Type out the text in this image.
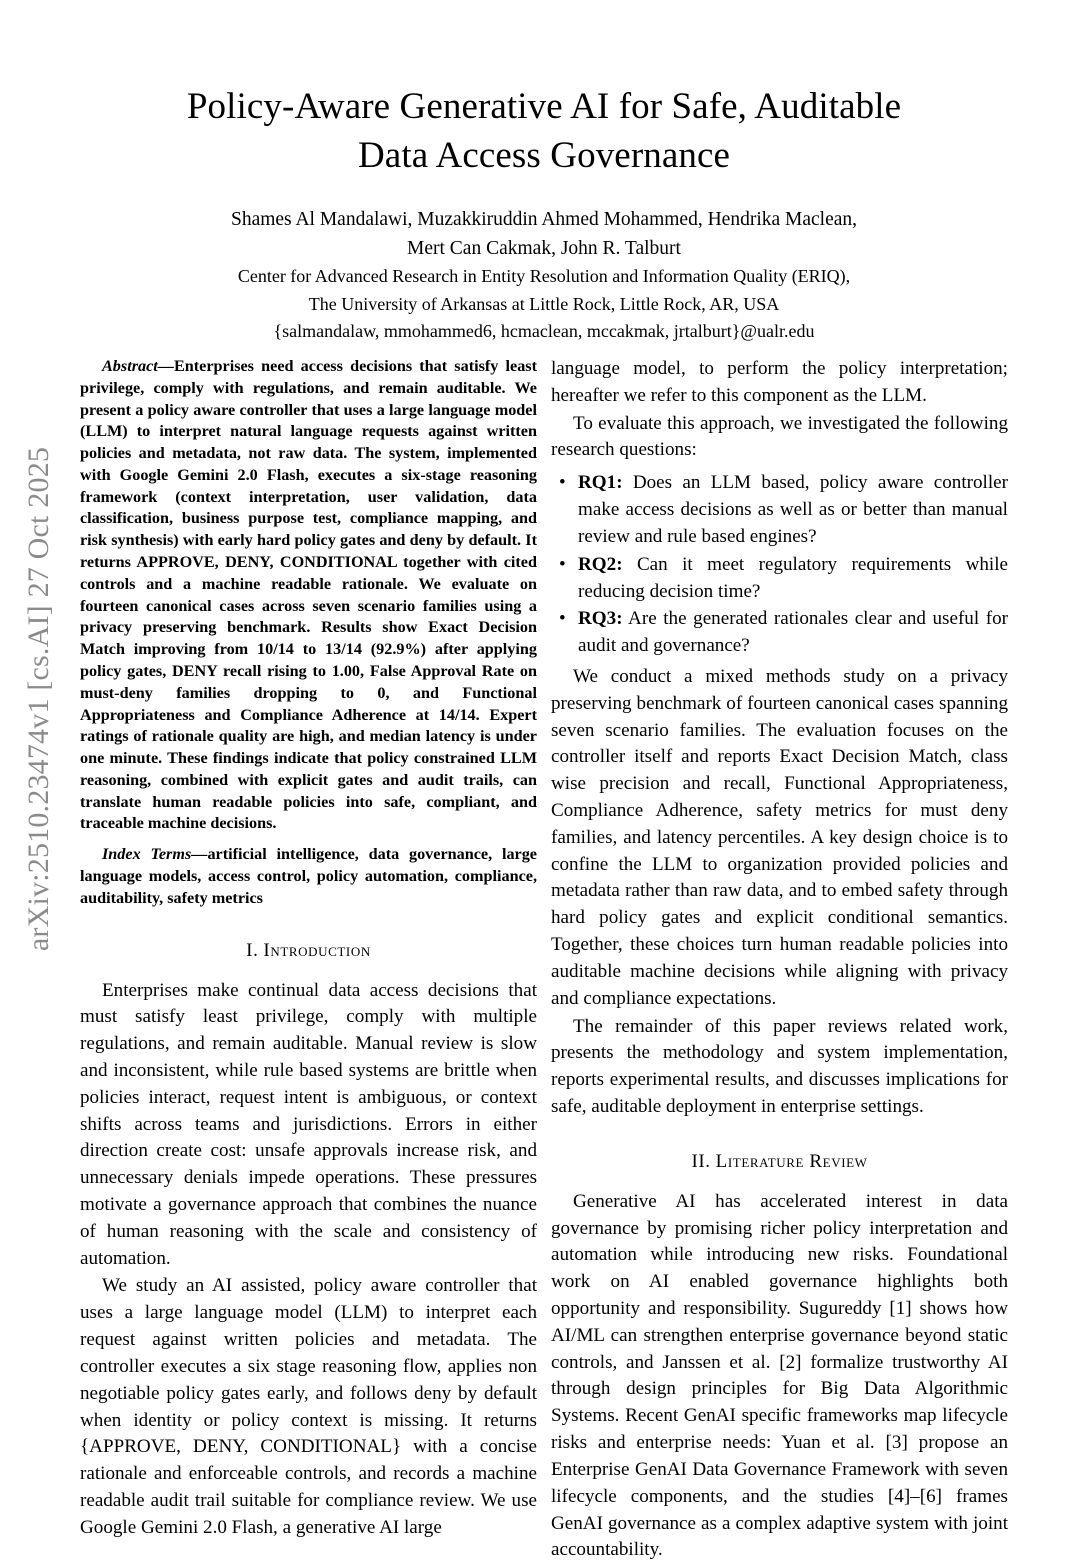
arXiv:2510.23474v1 [cs.AI] 27 Oct 2025
Policy-Aware Generative AI for Safe, Auditable Data Access Governance
Shames Al Mandalawi, Muzakkiruddin Ahmed Mohammed, Hendrika Maclean,
Mert Can Cakmak, John R. Talburt
Center for Advanced Research in Entity Resolution and Information Quality (ERIQ),
The University of Arkansas at Little Rock, Little Rock, AR, USA
{salmandalaw, mmohammed6, hcmaclean, mccakmak, jrtalburt}@ualr.edu

Abstract—Enterprises need access decisions that satisfy least privilege, comply with regulations, and remain auditable. We present a policy aware controller that uses a large language model (LLM) to interpret natural language requests against written policies and metadata, not raw data. The system, implemented with Google Gemini 2.0 Flash, executes a six-stage reasoning framework (context interpretation, user validation, data classification, business purpose test, compliance mapping, and risk synthesis) with early hard policy gates and deny by default. It returns APPROVE, DENY, CONDITIONAL together with cited controls and a machine readable rationale. We evaluate on fourteen canonical cases across seven scenario families using a privacy preserving benchmark. Results show Exact Decision Match improving from 10/14 to 13/14 (92.9%) after applying policy gates, DENY recall rising to 1.00, False Approval Rate on must-deny families dropping to 0, and Functional Appropriateness and Compliance Adherence at 14/14. Expert ratings of rationale quality are high, and median latency is under one minute. These findings indicate that policy constrained LLM reasoning, combined with explicit gates and audit trails, can translate human readable policies into safe, compliant, and traceable machine decisions.

Index Terms—artificial intelligence, data governance, large language models, access control, policy automation, compliance, auditability, safety metrics

I. Introduction

Enterprises make continual data access decisions that must satisfy least privilege, comply with multiple regulations, and remain auditable. Manual review is slow and inconsistent, while rule based systems are brittle when policies interact, request intent is ambiguous, or context shifts across teams and jurisdictions. Errors in either direction create cost: unsafe approvals increase risk, and unnecessary denials impede operations. These pressures motivate a governance approach that combines the nuance of human reasoning with the scale and consistency of automation.

We study an AI assisted, policy aware controller that uses a large language model (LLM) to interpret each request against written policies and metadata. The controller executes a six stage reasoning flow, applies non negotiable policy gates early, and follows deny by default when identity or policy context is missing. It returns {APPROVE, DENY, CONDITIONAL} with a concise rationale and enforceable controls, and records a machine readable audit trail suitable for compliance review. We use Google Gemini 2.0 Flash, a generative AI large

language model, to perform the policy interpretation; hereafter we refer to this component as the LLM.

To evaluate this approach, we investigated the following research questions:

• RQ1: Does an LLM based, policy aware controller make access decisions as well as or better than manual review and rule based engines?
• RQ2: Can it meet regulatory requirements while reducing decision time?
• RQ3: Are the generated rationales clear and useful for audit and governance?

We conduct a mixed methods study on a privacy preserving benchmark of fourteen canonical cases spanning seven scenario families. The evaluation focuses on the controller itself and reports Exact Decision Match, class wise precision and recall, Functional Appropriateness, Compliance Adherence, safety metrics for must deny families, and latency percentiles. A key design choice is to confine the LLM to organization provided policies and metadata rather than raw data, and to embed safety through hard policy gates and explicit conditional semantics. Together, these choices turn human readable policies into auditable machine decisions while aligning with privacy and compliance expectations.

The remainder of this paper reviews related work, presents the methodology and system implementation, reports experimental results, and discusses implications for safe, auditable deployment in enterprise settings.

II. Literature Review

Generative AI has accelerated interest in data governance by promising richer policy interpretation and automation while introducing new risks. Foundational work on AI enabled governance highlights both opportunity and responsibility. Sugureddy [1] shows how AI/ML can strengthen enterprise governance beyond static controls, and Janssen et al. [2] formalize trustworthy AI through design principles for Big Data Algorithmic Systems. Recent GenAI specific frameworks map lifecycle risks and enterprise needs: Yuan et al. [3] propose an Enterprise GenAI Data Governance Framework with seven lifecycle components, and the studies [4]–[6] frames GenAI governance as a complex adaptive system with joint accountability.
